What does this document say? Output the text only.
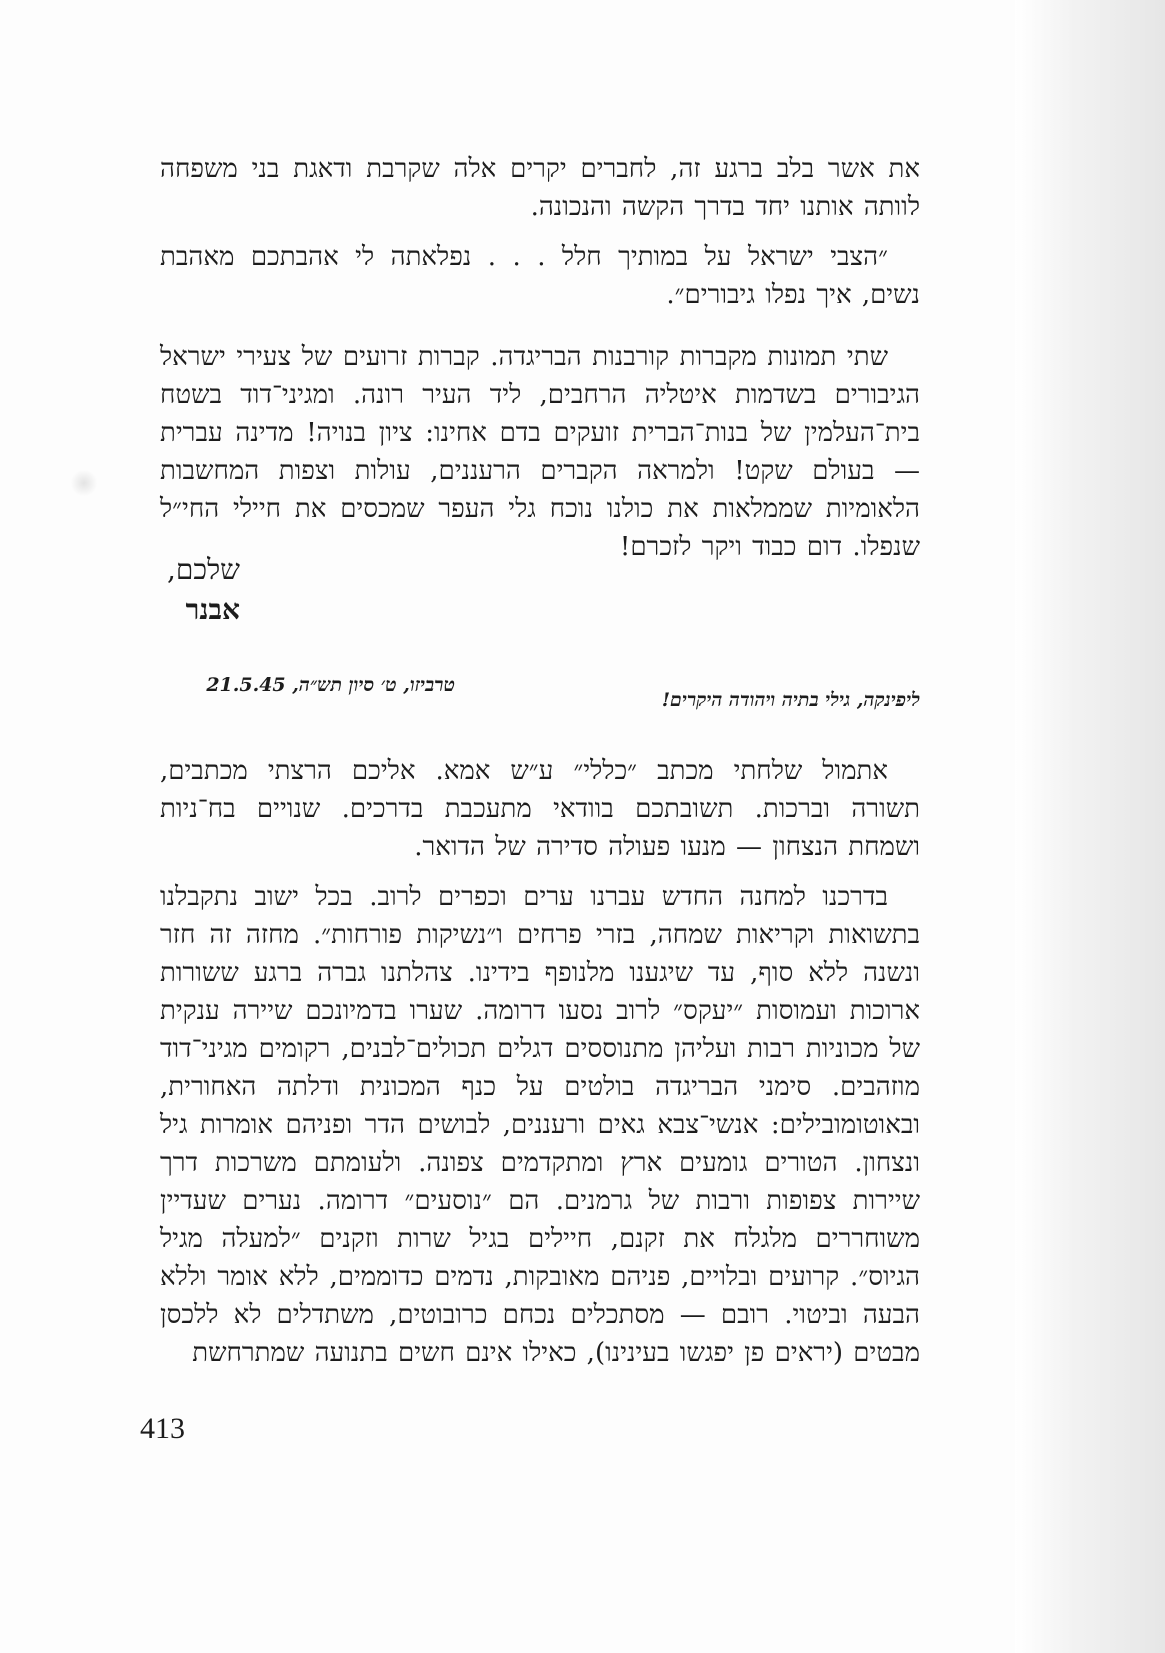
את אשר בלב ברגע זה, לחברים יקרים אלה שקרבת ודאגת בני משפחה לוותה אותנו יחד בדרך הקשה והנכונה.

״הצבי ישראל על במותיך חלל . . . נפלאתה לי אהבתכם מאהבת נשים, איך נפלו גיבורים״.

שתי תמונות מקברות קורבנות הבריגדה. קברות זרועים של צעירי ישראל הגיבורים בשדמות איטליה הרחבים, ליד העיר רונה. ומגיני־דוד בשטח בית־העלמין של בנות־הברית זועקים בדם אחינו: ציון בנויה! מדינה עברית — בעולם שקט! ולמראה הקברים הרעננים, עולות וצפות המחשבות הלאומיות שממלאות את כולנו נוכח גלי העפר שמכסים את חיילי החי״ל שנפלו. דום כבוד ויקר לזכרם!

שלכם,

אבנר

טרביזו, ט׳ סיון תש״ה, 21.5.45
ליפינקה, גילי בתיה ויהודה היקרים!

אתמול שלחתי מכתב ״כללי״ ע״ש אמא. אליכם הרצתי מכתבים, תשורה וברכות. תשובתכם בוודאי מתעכבת בדרכים. שנויים בח־ניות ושמחת הנצחון — מנעו פעולה סדירה של הדואר.

בדרכנו למחנה החדש עברנו ערים וכפרים לרוב. בכל ישוב נתקבלנו בתשואות וקריאות שמחה, בזרי פרחים ו״נשיקות פורחות״. מחזה זה חזר ונשנה ללא סוף, עד שיגענו מלנופף בידינו. צהלתנו גברה ברגע ששורות ארוכות ועמוסות ״יעקס״ לרוב נסעו דרומה. שערו בדמיונכם שיירה ענקית של מכוניות רבות ועליהן מתנוססים דגלים תכולים־לבנים, רקומים מגיני־דוד מוזהבים. סימני הבריגדה בולטים על כנף המכונית ודלתה האחורית, ובאוטומובילים: אנשי־צבא גאים ורעננים, לבושים הדר ופניהם אומרות גיל ונצחון. הטורים גומעים ארץ ומתקדמים צפונה. ולעומתם משרכות דרך שיירות צפופות ורבות של גרמנים. הם ״נוסעים״ דרומה. נערים שעדיין משוחררים מלגלח את זקנם, חיילים בגיל שרות וזקנים ״למעלה מגיל הגיוס״. קרועים ובלויים, פניהם מאובקות, נדמים כדוממים, ללא אומר וללא הבעה וביטוי. רובם — מסתכלים נכחם כרובוטים, משתדלים לא ללכסן מבטים (יראים פן יפגשו בעינינו), כאילו אינם חשים בתנועה שמתרחשת

413
